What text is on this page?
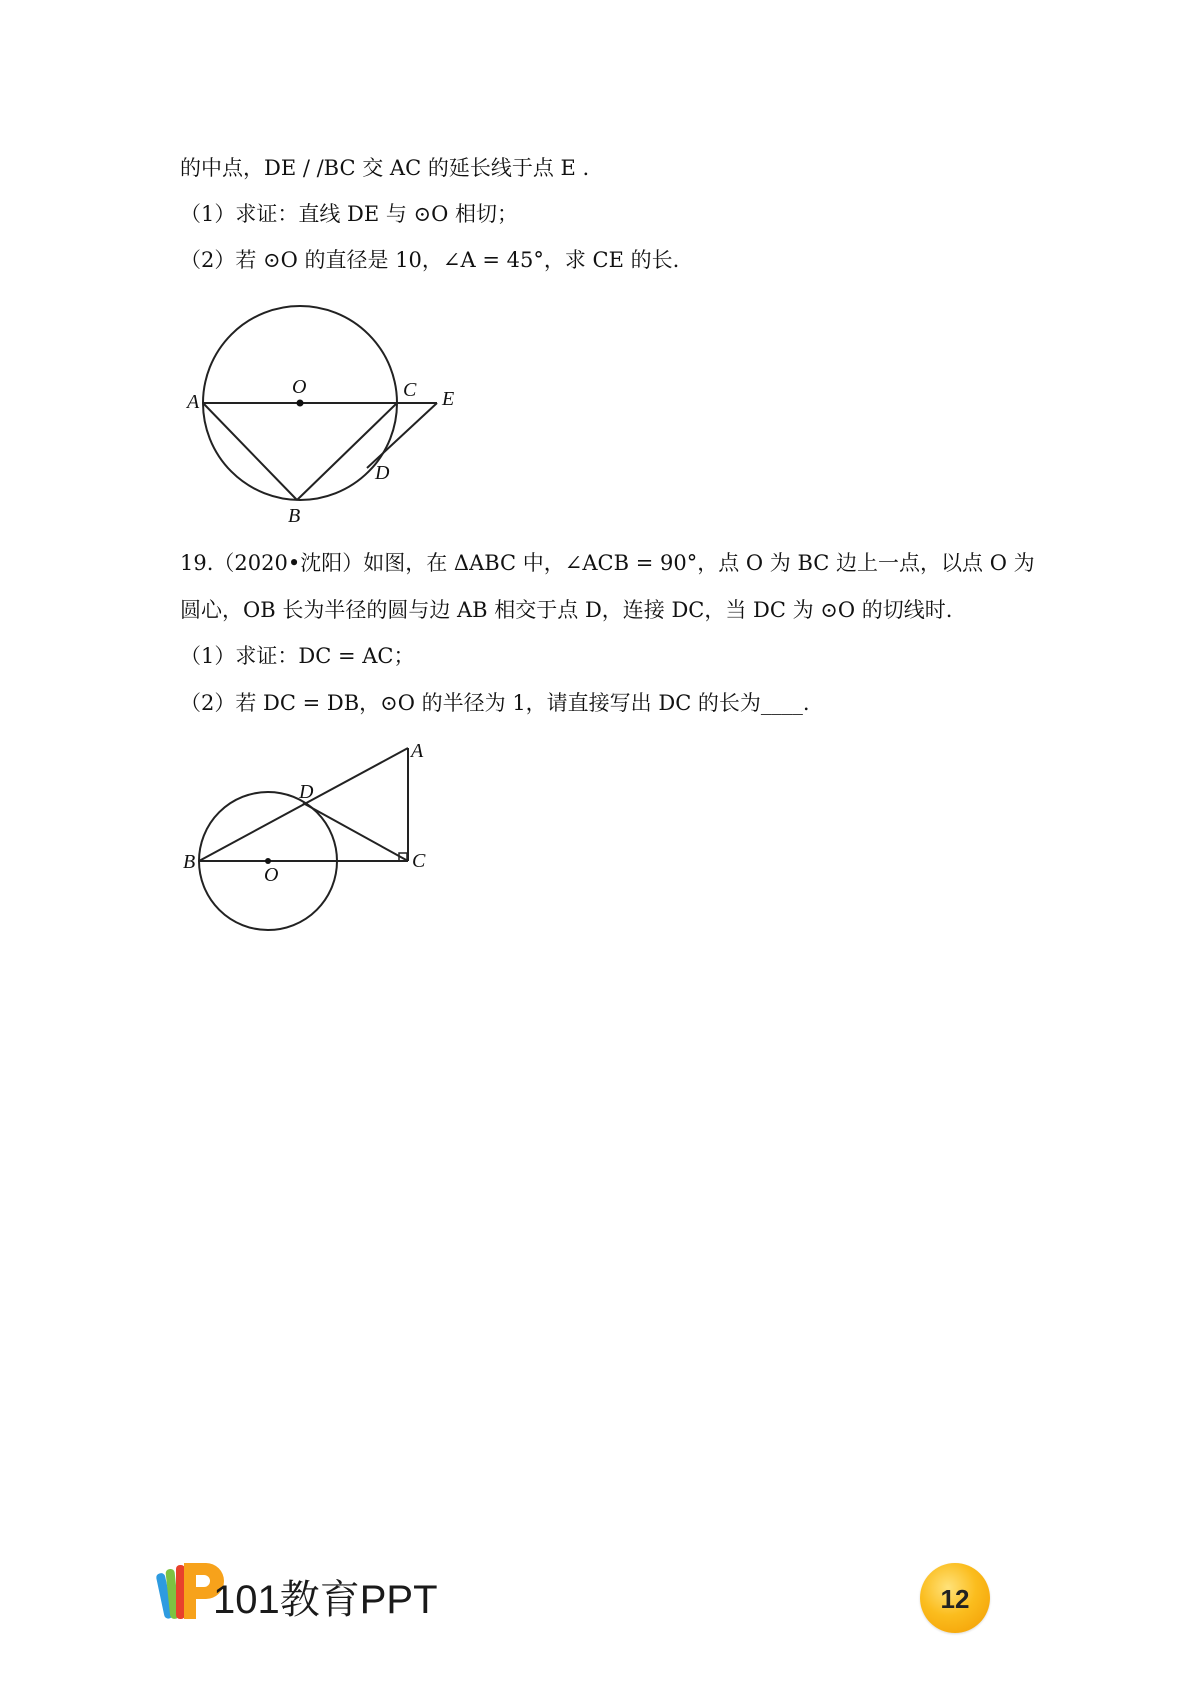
的中点，DE / /BC 交 AC 的延长线于点 E .
（1）求证：直线 DE 与 ⊙O 相切；
（2）若 ⊙O 的直径是 10，∠A = 45°，求 CE 的长.
A
O	C E
D
B
19.（2020•沈阳）如图，在 ΔABC 中，∠ACB = 90°，点 O 为 BC 边上一点，以点 O 为
圆心，OB 长为半径的圆与边 AB 相交于点 D，连接 DC，当 DC 为 ⊙O 的切线时.
（1）求证：DC = AC；
（2）若 DC = DB，⊙O 的半径为 1，请直接写出 DC 的长为____.
A
D
B
O
C
101教育PPT	12
